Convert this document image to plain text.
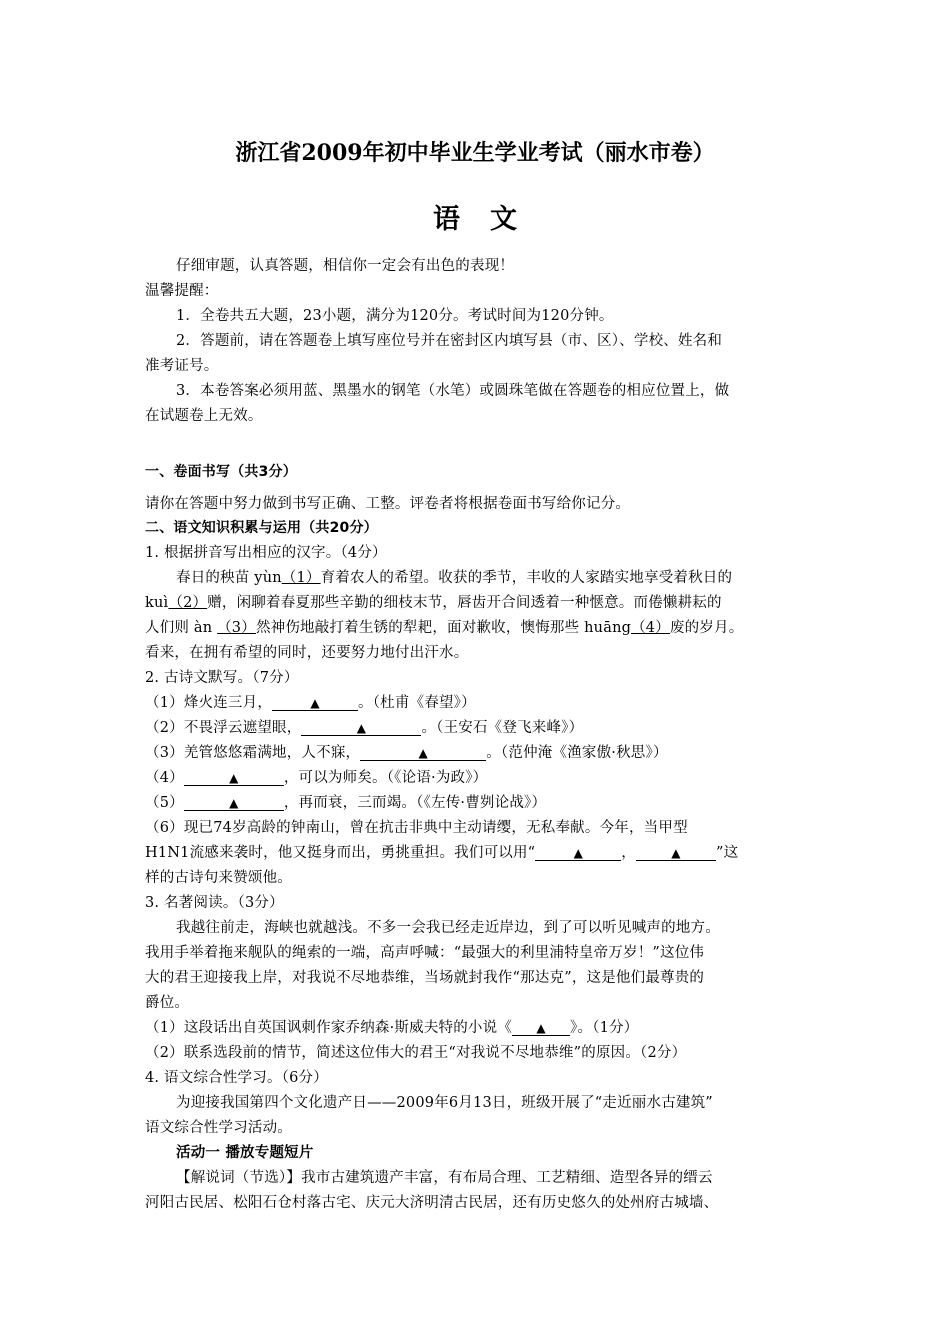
浙江省2009年初中毕业生学业考试（丽水市卷）
语文
仔细审题，认真答题，相信你一定会有出色的表现！
温馨提醒：
1．全卷共五大题，23小题，满分为120分。考试时间为120分钟。
2．答题前，请在答题卷上填写座位号并在密封区内填写县（市、区）、学校、姓名和
准考证号。
3．本卷答案必须用蓝、黑墨水的钢笔（水笔）或圆珠笔做在答题卷的相应位置上，做
在试题卷上无效。
一、卷面书写（共3分）
请你在答题中努力做到书写正确、工整。评卷者将根据卷面书写给你记分。
二、语文知识积累与运用（共20分）
1. 根据拼音写出相应的汉字。（4分）
春日的秧苗 yùn（1）育着农人的希望。收获的季节，丰收的人家踏实地享受着秋日的
kuì（2）赠，闲聊着春夏那些辛勤的细枝末节，唇齿开合间透着一种惬意。而倦懒耕耘的
人们则 àn （3）然神伤地敲打着生锈的犁耙，面对歉收，懊悔那些 huāng（4）废的岁月。
看来，在拥有希望的同时，还要努力地付出汗水。
2. 古诗文默写。（7分）
（1）烽火连三月，	▲	。（杜甫《春望》）
（2）不畏浮云遮望眼，	▲	。（王安石《登飞来峰》）
（3）羌管悠悠霜满地，人不寐，	▲	。（范仲淹《渔家傲·秋思》）
（4）	▲	，可以为师矣。（《论语·为政》）
（5）	▲	，再而衰，三而竭。（《左传·曹刿论战》）
（6）现已74岁高龄的钟南山，曾在抗击非典中主动请缨，无私奉献。今年，当甲型
H1N1流感来袭时，他又挺身而出，勇挑重担。我们可以用“	▲	，	▲ ”这
样的古诗句来赞颂他。
3. 名著阅读。（3分）
我越往前走，海峡也就越浅。不多一会我已经走近岸边，到了可以听见喊声的地方。
我用手举着拖来舰队的绳索的一端，高声呼喊：“最强大的利里浦特皇帝万岁！”这位伟
大的君王迎接我上岸，对我说不尽地恭维，当场就封我作“那达克”，这是他们最尊贵的
爵位。
（1）这段话出自英国讽刺作家乔纳森·斯威夫特的小说《 ▲ 》。（1分）
（2）联系选段前的情节，简述这位伟大的君王“对我说不尽地恭维”的原因。（2分）
4. 语文综合性学习。（6分）
为迎接我国第四个文化遗产日——2009年6月13日，班级开展了“走近丽水古建筑”
语文综合性学习活动。
活动一 播放专题短片
【解说词（节选）】我市古建筑遗产丰富，有布局合理、工艺精细、造型各异的缙云
河阳古民居、松阳石仓村落古宅、庆元大济明清古民居，还有历史悠久的处州府古城墙、
